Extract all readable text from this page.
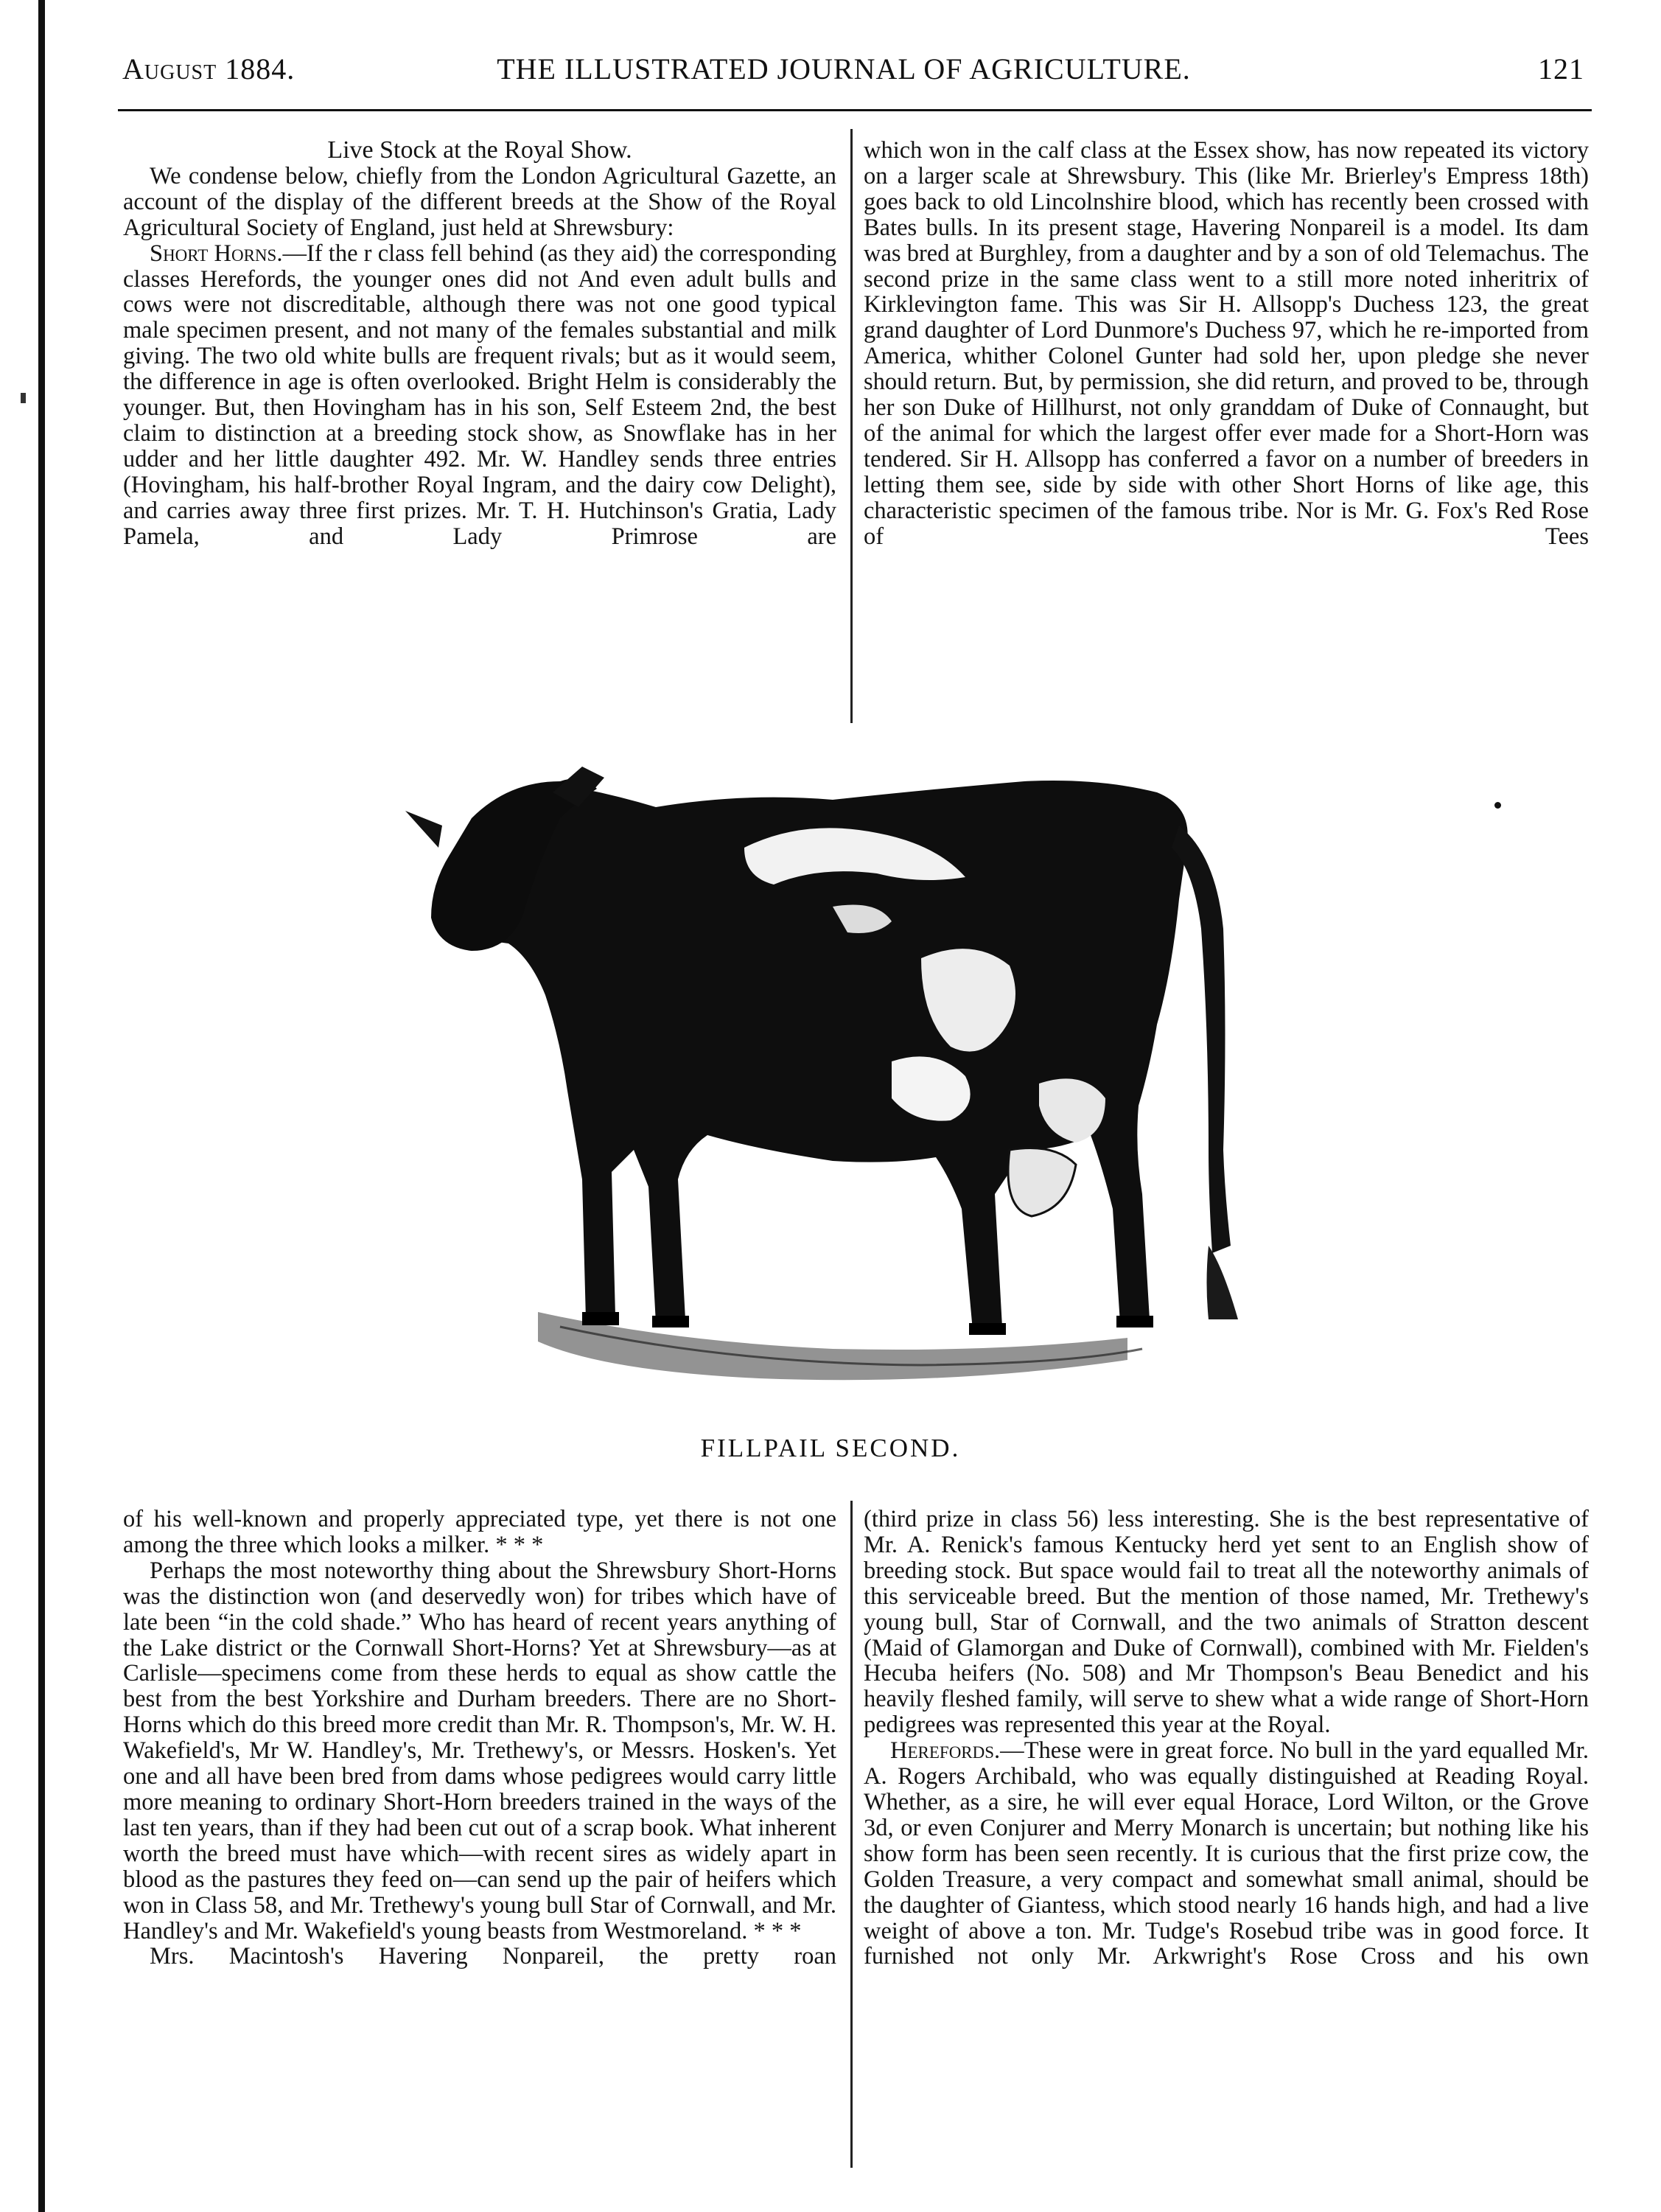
August 1884.	THE ILLUSTRATED JOURNAL OF AGRICULTURE.	121

Live Stock at the Royal Show.

We condense below, chiefly from the London Agricultural Gazette, an account of the display of the different breeds at the Show of the Royal Agricultural Society of England, just held at Shrewsbury:

Short Horns.—If the r class fell behind (as they aid) the corresponding classes Herefords, the younger ones did not And even adult bulls and cows were not discreditable, although there was not one good typical male specimen present, and not many of the females substantial and milk giving. The two old white bulls are frequent rivals; but as it would seem, the difference in age is often overlooked. Bright Helm is considerably the younger. But, then Hovingham has in his son, Self Esteem 2nd, the best claim to distinction at a breeding stock show, as Snowflake has in her udder and her little daughter 492. Mr. W. Handley sends three entries (Hovingham, his half-brother Royal Ingram, and the dairy cow Delight), and carries away three first prizes. Mr. T. H. Hutchinson's Gratia, Lady Pamela, and Lady Primrose are

which won in the calf class at the Essex show, has now repeated its victory on a larger scale at Shrewsbury. This (like Mr. Brierley's Empress 18th) goes back to old Lincolnshire blood, which has recently been crossed with Bates bulls. In its present stage, Havering Nonpareil is a model. Its dam was bred at Burghley, from a daughter and by a son of old Telemachus. The second prize in the same class went to a still more noted inheritrix of Kirklevington fame. This was Sir H. Allsopp's Duchess 123, the great grand daughter of Lord Dunmore's Duchess 97, which he re-imported from America, whither Colonel Gunter had sold her, upon pledge she never should return. But, by permission, she did return, and proved to be, through her son Duke of Hillhurst, not only granddam of Duke of Connaught, but of the animal for which the largest offer ever made for a Short-Horn was tendered. Sir H. Allsopp has conferred a favor on a number of breeders in letting them see, side by side with other Short Horns of like age, this characteristic specimen of the famous tribe. Nor is Mr. G. Fox's Red Rose of Tees

FILLPAIL SECOND.

of his well-known and properly appreciated type, yet there is not one among the three which looks a milker. * * *

Perhaps the most noteworthy thing about the Shrewsbury Short-Horns was the distinction won (and deservedly won) for tribes which have of late been “in the cold shade.” Who has heard of recent years anything of the Lake district or the Cornwall Short-Horns? Yet at Shrewsbury—as at Carlisle—specimens come from these herds to equal as show cattle the best from the best Yorkshire and Durham breeders. There are no Short-Horns which do this breed more credit than Mr. R. Thompson's, Mr. W. H. Wakefield's, Mr W. Handley's, Mr. Trethewy's, or Messrs. Hosken's. Yet one and all have been bred from dams whose pedigrees would carry little more meaning to ordinary Short-Horn breeders trained in the ways of the last ten years, than if they had been cut out of a scrap book. What inherent worth the breed must have which—with recent sires as widely apart in blood as the pastures they feed on—can send up the pair of heifers which won in Class 58, and Mr. Trethewy's young bull Star of Cornwall, and Mr. Handley's and Mr. Wakefield's young beasts from Westmoreland. * * *

Mrs. Macintosh's Havering Nonpareil, the pretty roan

(third prize in class 56) less interesting. She is the best representative of Mr. A. Renick's famous Kentucky herd yet sent to an English show of breeding stock. But space would fail to treat all the noteworthy animals of this serviceable breed. But the mention of those named, Mr. Trethewy's young bull, Star of Cornwall, and the two animals of Stratton descent (Maid of Glamorgan and Duke of Cornwall), combined with Mr. Fielden's Hecuba heifers (No. 508) and Mr Thompson's Beau Benedict and his heavily fleshed family, will serve to shew what a wide range of Short-Horn pedigrees was represented this year at the Royal.

Herefords.—These were in great force. No bull in the yard equalled Mr. A. Rogers Archibald, who was equally distinguished at Reading Royal. Whether, as a sire, he will ever equal Horace, Lord Wilton, or the Grove 3d, or even Conjurer and Merry Monarch is uncertain; but nothing like his show form has been seen recently. It is curious that the first prize cow, the Golden Treasure, a very compact and somewhat small animal, should be the daughter of Giantess, which stood nearly 16 hands high, and had a live weight of above a ton. Mr. Tudge's Rosebud tribe was in good force. It furnished not only Mr. Arkwright's Rose Cross and his own
